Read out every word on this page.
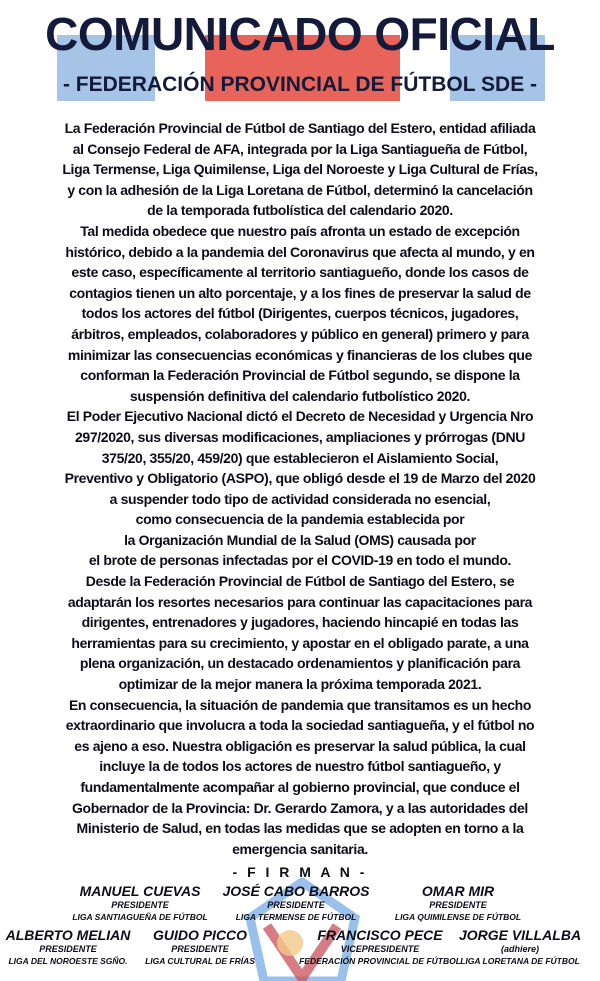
COMUNICADO OFICIAL
- FEDERACIÓN PROVINCIAL DE FÚTBOL SDE -
La Federación Provincial de Fútbol de Santiago del Estero, entidad afiliada
al Consejo Federal de AFA, integrada por la Liga Santiagueña de Fútbol,
Liga Termense, Liga Quimilense, Liga del Noroeste y Liga Cultural de Frías,
y con la adhesión de la Liga Loretana de Fútbol, determinó la cancelación
de la temporada futbolística del calendario 2020.
Tal medida obedece que nuestro país afronta un estado de excepción
histórico, debido a la pandemia del Coronavirus que afecta al mundo, y en
este caso, específicamente al territorio santiagueño, donde los casos de
contagios tienen un alto porcentaje, y a los fines de preservar la salud de
todos los actores del fútbol (Dirigentes, cuerpos técnicos, jugadores,
árbitros, empleados, colaboradores y público en general) primero y para
minimizar las consecuencias económicas y financieras de los clubes que
conforman la Federación Provincial de Fútbol segundo, se dispone la
suspensión definitiva del calendario futbolístico 2020.
El Poder Ejecutivo Nacional dictó el Decreto de Necesidad y Urgencia Nro
297/2020, sus diversas modificaciones, ampliaciones y prórrogas (DNU
375/20, 355/20, 459/20) que establecieron el Aislamiento Social,
Preventivo y Obligatorio (ASPO), que obligó desde el 19 de Marzo del 2020
a suspender todo tipo de actividad considerada no esencial,
como consecuencia de la pandemia establecida por
la Organización Mundial de la Salud (OMS) causada por
el brote de personas infectadas por el COVID-19 en todo el mundo.
Desde la Federación Provincial de Fútbol de Santiago del Estero, se
adaptarán los resortes necesarios para continuar las capacitaciones para
dirigentes, entrenadores y jugadores, haciendo hincapié en todas las
herramientas para su crecimiento, y apostar en el obligado parate, a una
plena organización, un destacado ordenamientos y planificación para
optimizar de la mejor manera la próxima temporada 2021.
En consecuencia, la situación de pandemia que transitamos es un hecho
extraordinario que involucra a toda la sociedad santiagueña, y el fútbol no
es ajeno a eso. Nuestra obligación es preservar la salud pública, la cual
incluye la de todos los actores de nuestro fútbol santiagueño, y
fundamentalmente acompañar al gobierno provincial, que conduce el
Gobernador de la Provincia: Dr. Gerardo Zamora, y a las autoridades del
Ministerio de Salud, en todas las medidas que se adopten en torno a la
emergencia sanitaria.
- F I R M A N -
MANUEL CUEVAS
PRESIDENTE
LIGA SANTIAGUEÑA DE FÚTBOL
JOSÉ CABO BARROS
PRESIDENTE
LIGA TERMENSE DE FÚTBOL
OMAR MIR
PRESIDENTE
LIGA QUIMILENSE DE FÚTBOL
ALBERTO MELIAN
PRESIDENTE
LIGA DEL NOROESTE SGÑO.
GUIDO PICCO
PRESIDENTE
LIGA CULTURAL DE FRÍAS
FRANCISCO PECE
VICEPRESIDENTE
FEDERACIÓN PROVINCIAL DE FÚTBOL
JORGE VILLALBA
(adhiere)
LIGA LORETANA DE FÚTBOL
